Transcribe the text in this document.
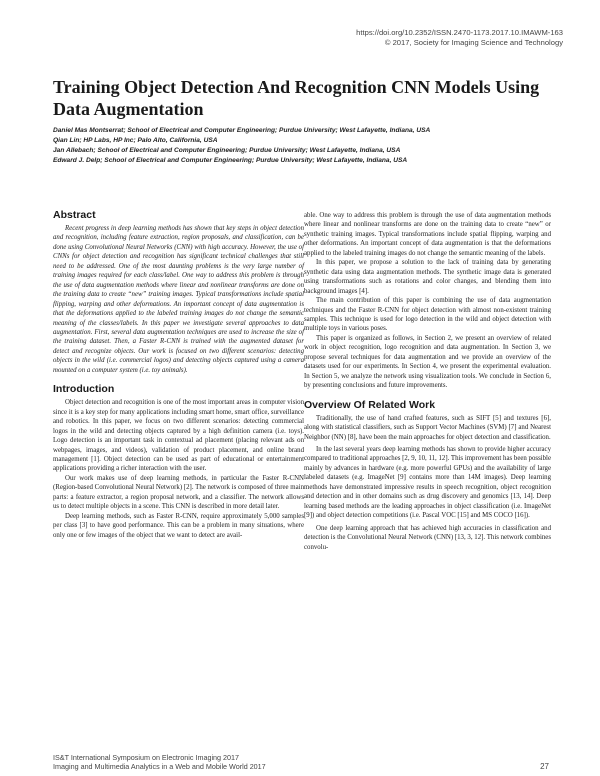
https://doi.org/10.2352/ISSN.2470-1173.2017.10.IMAWM-163
© 2017, Society for Imaging Science and Technology
Training Object Detection And Recognition CNN Models Using Data Augmentation
Daniel Mas Montserrat; School of Electrical and Computer Engineering; Purdue University; West Lafayette, Indiana, USA
Qian Lin; HP Labs, HP Inc; Palo Alto, California, USA
Jan Allebach; School of Electrical and Computer Engineering; Purdue University; West Lafayette, Indiana, USA
Edward J. Delp; School of Electrical and Computer Engineering; Purdue University; West Lafayette, Indiana, USA
Abstract

Recent progress in deep learning methods has shown that key steps in object detection and recognition, including feature extraction, region proposals, and classification, can be done using Convolutional Neural Networks (CNN) with high accuracy. However, the use of CNNs for object detection and recognition has significant technical challenges that still need to be addressed. One of the most daunting problems is the very large number of training images required for each class/label. One way to address this problem is through the use of data augmentation methods where linear and nonlinear transforms are done on the training data to create “new” training images. Typical transformations include spatial flipping, warping and other deformations. An important concept of data augmentation is that the deformations applied to the labeled training images do not change the semantic meaning of the classes/labels. In this paper we investigate several approaches to data augmentation. First, several data augmentation techniques are used to increase the size of the training dataset. Then, a Faster R-CNN is trained with the augmented dataset for detect and recognize objects. Our work is focused on two different scenarios: detecting objects in the wild (i.e. commercial logos) and detecting objects captured using a camera mounted on a computer system (i.e. toy animals).

Introduction

Object detection and recognition is one of the most important areas in computer vision since it is a key step for many applications including smart home, smart office, surveillance and robotics. In this paper, we focus on two different scenarios: detecting commercial logos in the wild and detecting objects captured by a high definition camera (i.e. toys). Logo detection is an important task in contextual ad placement (placing relevant ads on webpages, images, and videos), validation of product placement, and online brand management [1]. Object detection can be used as part of educational or entertainment applications providing a richer interaction with the user.

Our work makes use of deep learning methods, in particular the Faster R-CNN (Region-based Convolutional Neural Network) [2]. The network is composed of three main parts: a feature extractor, a region proposal network, and a classifier. The network allows us to detect multiple objects in a scene. This CNN is described in more detail later.

Deep learning methods, such as Faster R-CNN, require approximately 5,000 samples per class [3] to have good performance. This can be a problem in many situations, where only one or few images of the object that we want to detect are avail-

able. One way to address this problem is through the use of data augmentation methods where linear and nonlinear transforms are done on the training data to create “new” or synthetic training images. Typical transformations include spatial flipping, warping and other deformations. An important concept of data augmentation is that the deformations applied to the labeled training images do not change the semantic meaning of the labels.

In this paper, we propose a solution to the lack of training data by generating synthetic data using data augmentation methods. The synthetic image data is generated using transformations such as rotations and color changes, and blending them into background images [4].

The main contribution of this paper is combining the use of data augmentation techniques and the Faster R-CNN for object detection with almost non-existent training samples. This technique is used for logo detection in the wild and object detection with multiple toys in various poses.

This paper is organized as follows, in Section 2, we present an overview of related work in object recognition, logo recognition and data augmentation. In Section 3, we propose several techniques for data augmentation and we provide an overview of the datasets used for our experiments. In Section 4, we present the experimental evaluation. In Section 5, we analyze the network using visualization tools. We conclude in Section 6, by presenting conclusions and future improvements.

Overview Of Related Work

Traditionally, the use of hand crafted features, such as SIFT [5] and textures [6], along with statistical classifiers, such as Support Vector Machines (SVM) [7] and Nearest Neighbor (NN) [8], have been the main approaches for object detection and classification.

In the last several years deep learning methods has shown to provide higher accuracy compared to traditional approaches [2, 9, 10, 11, 12]. This improvement has been possible mainly by advances in hardware (e.g. more powerful GPUs) and the availability of large labeled datasets (e.g. ImageNet [9] contains more than 14M images). Deep learning methods have demonstrated impressive results in speech recognition, object recognition and detection and in other domains such as drug discovery and genomics [13, 14]. Deep learning based methods are the leading approaches in object classification (i.e. ImageNet [9]) and object detection competitions (i.e. Pascal VOC [15] and MS COCO [16]).

One deep learning approach that has achieved high accuracies in classification and detection is the Convolutional Neural Network (CNN) [13, 3, 12]. This network combines convolu-

IS&T International Symposium on Electronic Imaging 2017
Imaging and Multimedia Analytics in a Web and Mobile World 2017	27
